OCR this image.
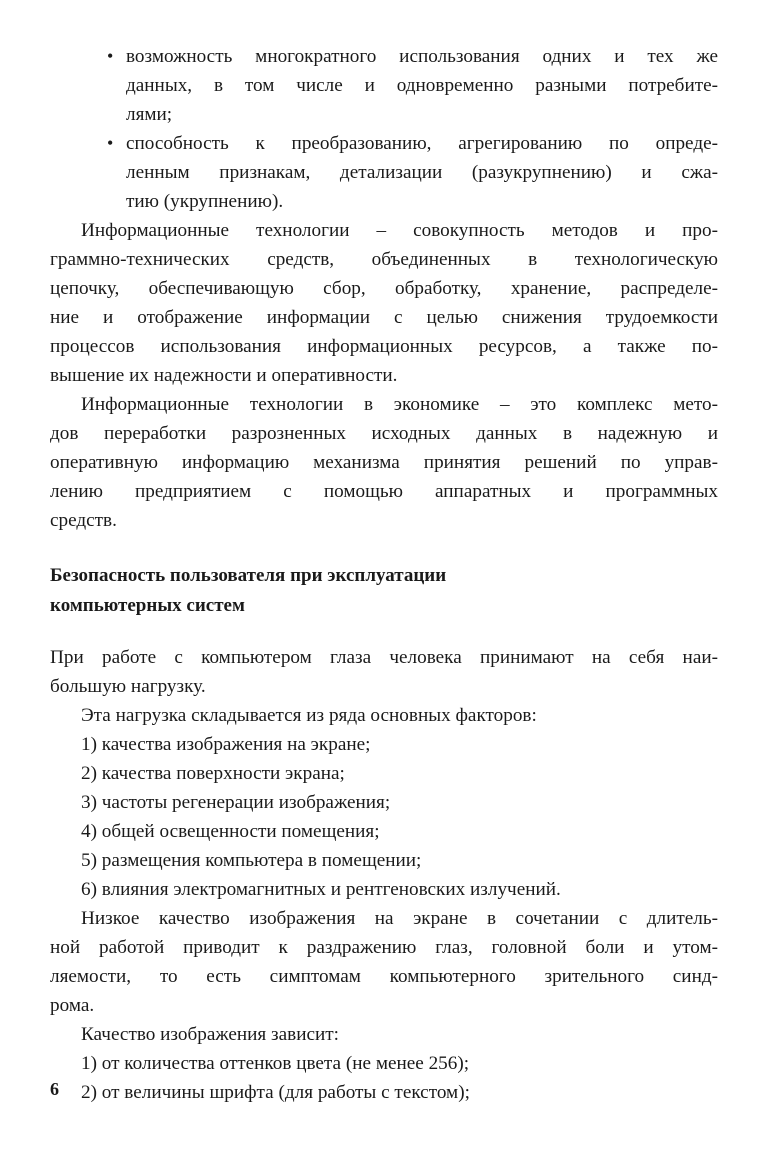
• возможность многократного использования одних и тех же
данных, в том числе и одновременно разными потребите-
лями;
• способность к преобразованию, агрегированию по опреде-
ленным признакам, детализации (разукрупнению) и сжа-
тию (укрупнению).
Информационные технологии – совокупность методов и про-
граммно-технических средств, объединенных в технологическую
цепочку, обеспечивающую сбор, обработку, хранение, распределе-
ние и отображение информации с целью снижения трудоемкости
процессов использования информационных ресурсов, а также по-
вышение их надежности и оперативности.
Информационные технологии в экономике – это комплекс мето-
дов переработки разрозненных исходных данных в надежную и
оперативную информацию механизма принятия решений по управ-
лению предприятием с помощью аппаратных и программных
средств.
Безопасность пользователя при эксплуатации
компьютерных систем
При работе с компьютером глаза человека принимают на себя наи-
большую нагрузку.
Эта нагрузка складывается из ряда основных факторов:
1) качества изображения на экране;
2) качества поверхности экрана;
3) частоты регенерации изображения;
4) общей освещенности помещения;
5) размещения компьютера в помещении;
6) влияния электромагнитных и рентгеновских излучений.
Низкое качество изображения на экране в сочетании с длитель-
ной работой приводит к раздражению глаз, головной боли и утом-
ляемости, то есть симптомам компьютерного зрительного синд-
рома.
Качество изображения зависит:
1) от количества оттенков цвета (не менее 256);
2) от величины шрифта (для работы с текстом);
6
